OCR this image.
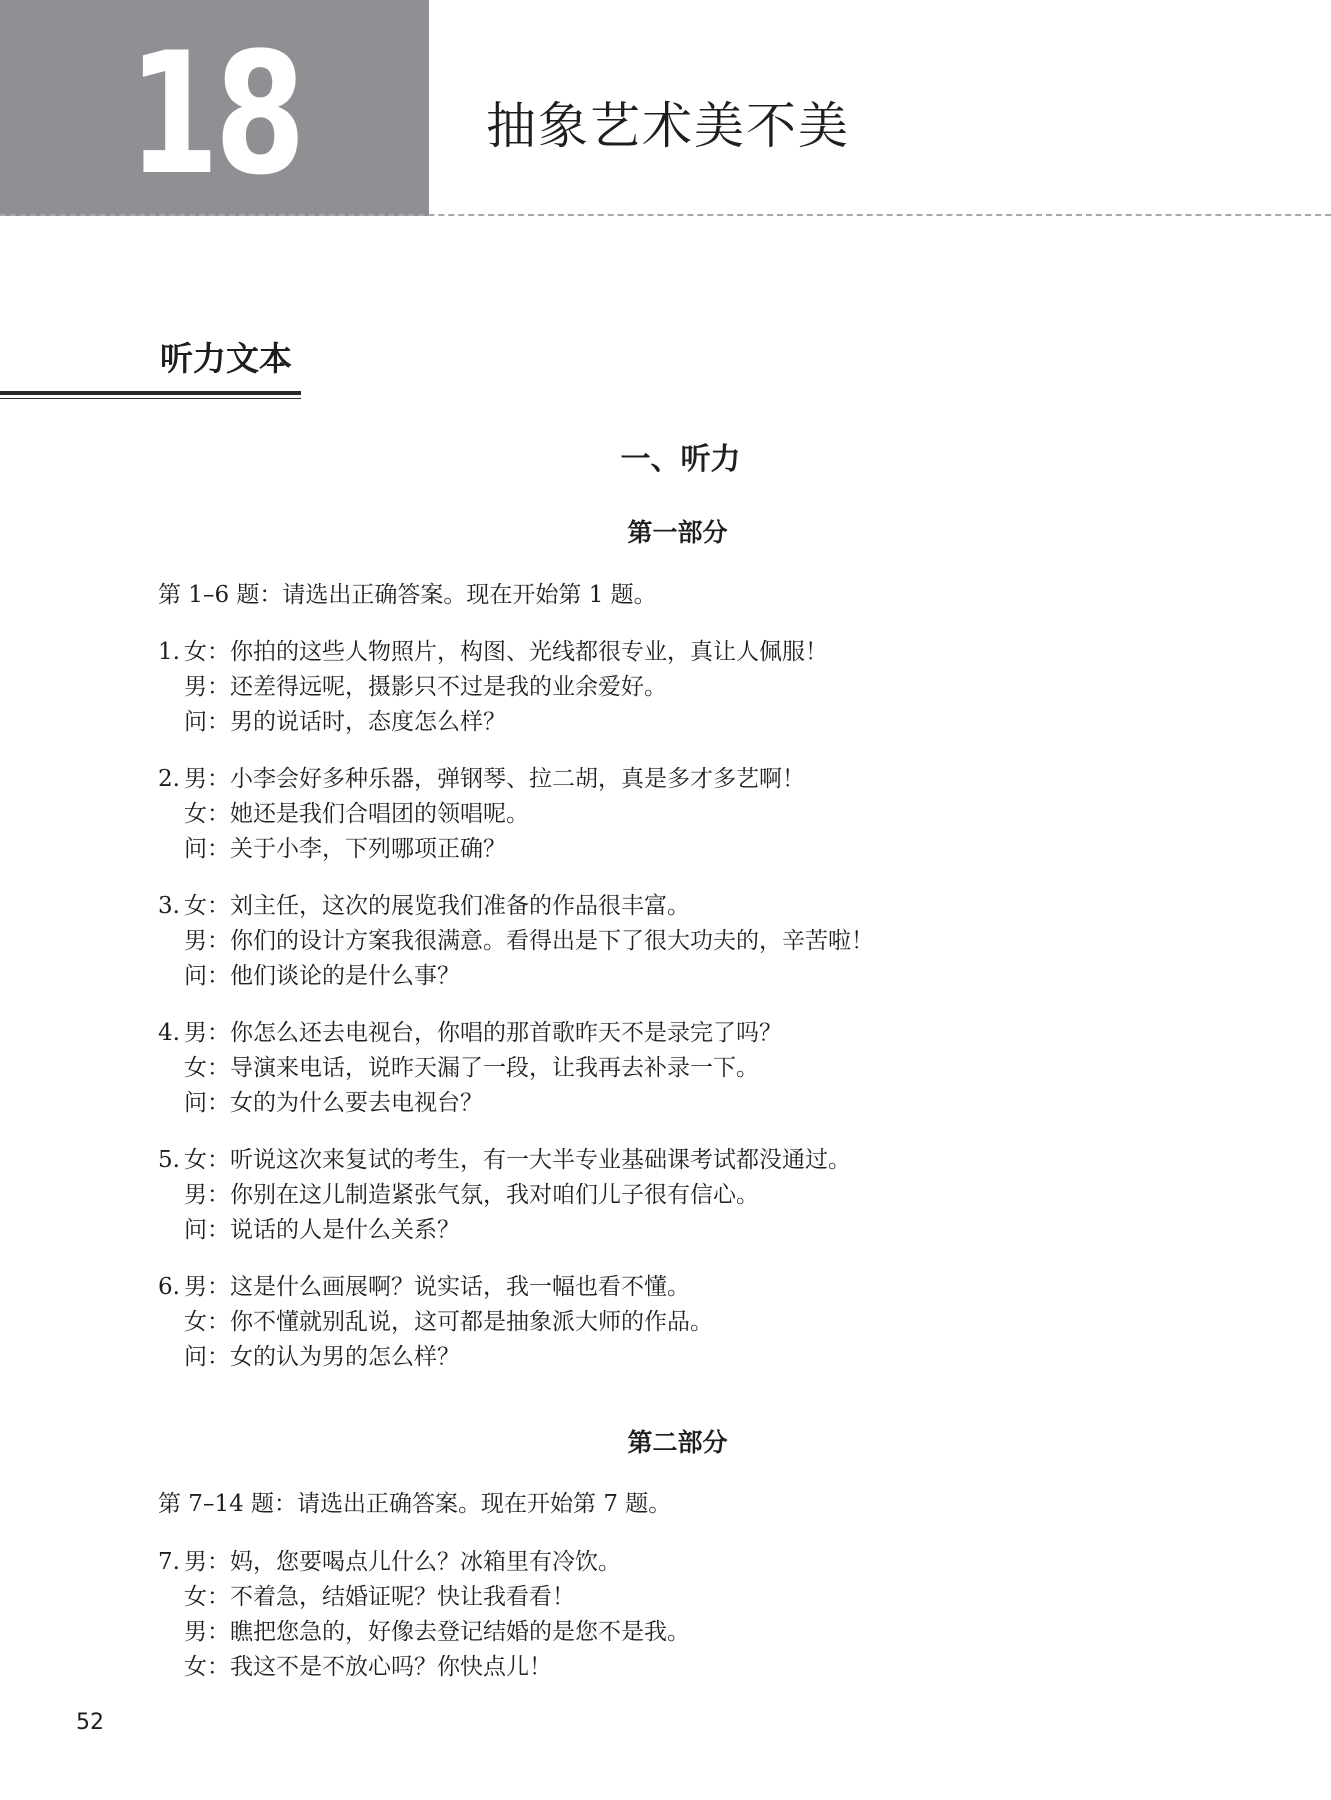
18	抽象艺术美不美
听力文本
一、听力
第一部分
第 1–6 题：请选出正确答案。现在开始第 1 题。
1. 女 ： 你拍的这些人物照片，构图、光线都很专业，真让人佩服！
男 ： 还差得远呢，摄影只不过是我的业余爱好。
问 ： 男的说话时，态度怎么样？
2. 男 ： 小李会好多种乐器，弹钢琴、拉二胡，真是多才多艺啊！
女 ： 她还是我们合唱团的领唱呢。
问 ： 关于小李，下列哪项正确？
3. 女 ： 刘主任，这次的展览我们准备的作品很丰富。
男 ： 你们的设计方案我很满意。看得出是下了很大功夫的，辛苦啦！
问 ： 他们谈论的是什么事？
4. 男 ： 你怎么还去电视台，你唱的那首歌昨天不是录完了吗？
女 ： 导演来电话，说昨天漏了一段，让我再去补录一下。
问 ： 女的为什么要去电视台？
5. 女 ： 听说这次来复试的考生，有一大半专业基础课考试都没通过。
男 ： 你别在这儿制造紧张气氛，我对咱们儿子很有信心。
问 ： 说话的人是什么关系？
6. 男 ： 这是什么画展啊？说实话，我一幅也看不懂。
女 ： 你不懂就别乱说，这可都是抽象派大师的作品。
问 ： 女的认为男的怎么样？
第二部分
第 7–14 题：请选出正确答案。现在开始第 7 题。
7. 男 ： 妈，您要喝点儿什么？冰箱里有冷饮。
女 ： 不着急，结婚证呢？快让我看看！
男 ： 瞧把您急的，好像去登记结婚的是您不是我。
女 ： 我这不是不放心吗？你快点儿！
52
